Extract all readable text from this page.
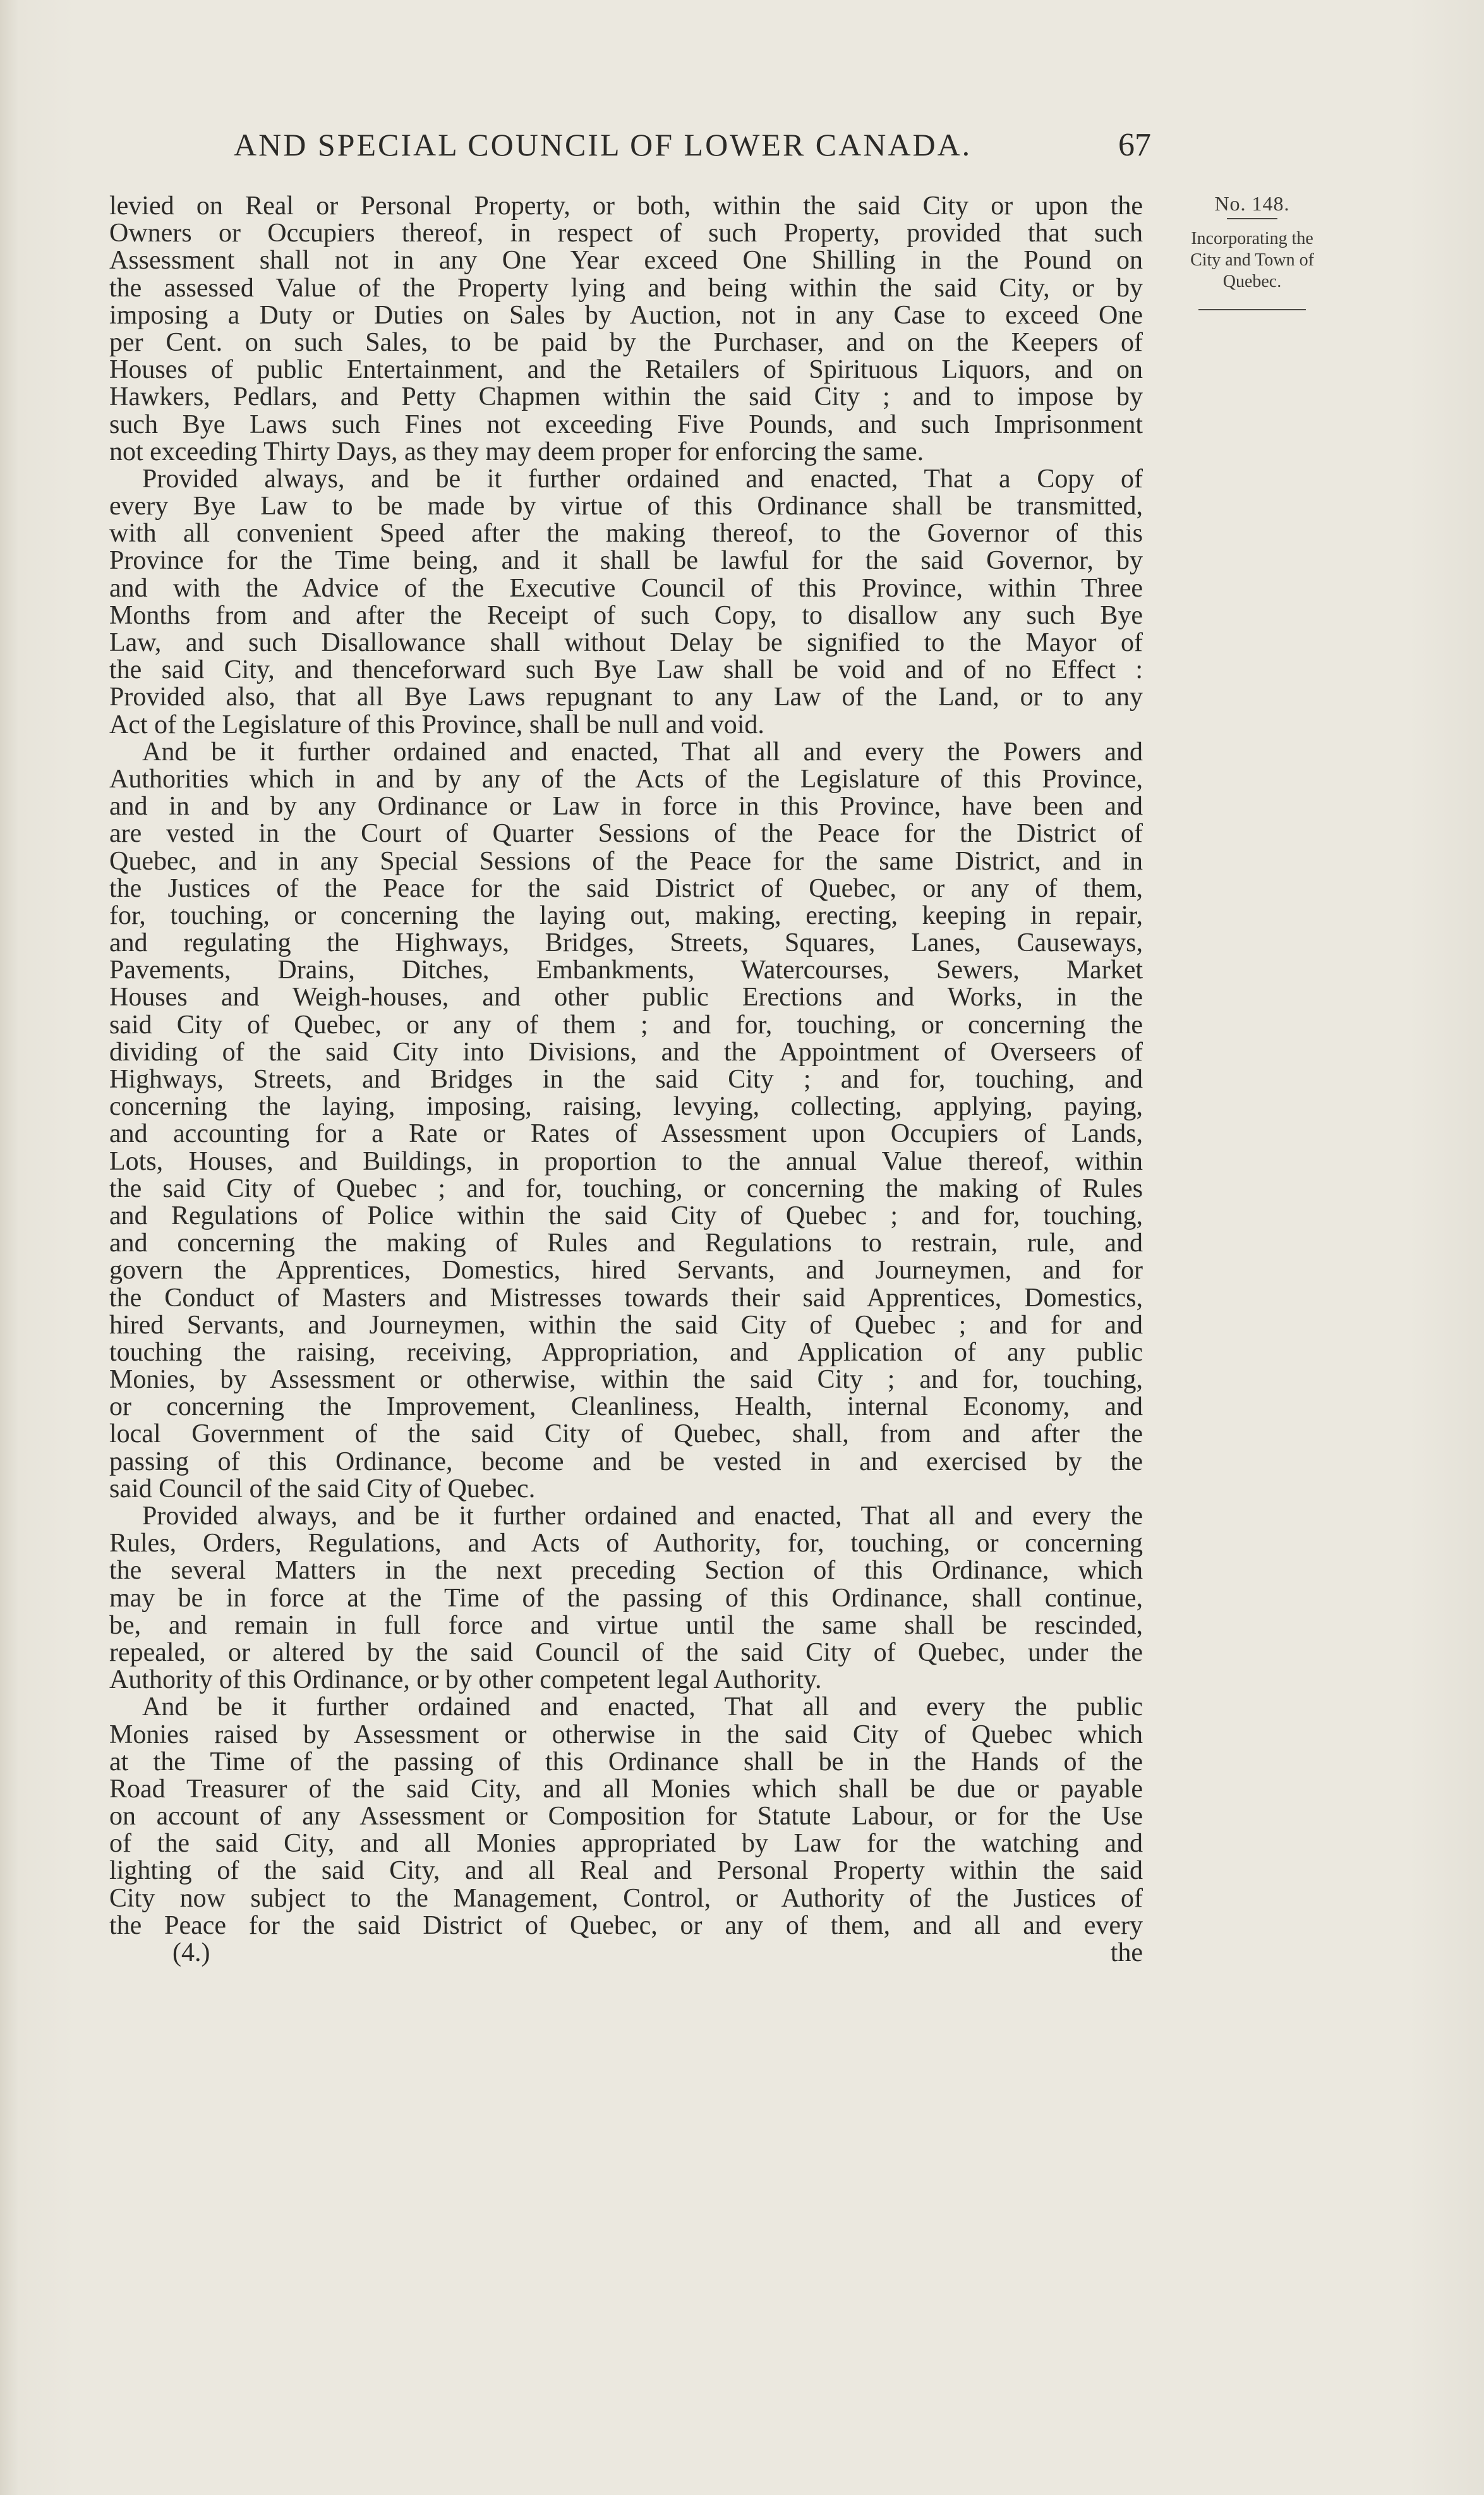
AND SPECIAL COUNCIL OF LOWER CANADA.	67
No. 148.
Incorporating the
City and Town of
Quebec.
levied on Real or Personal Property, or both, within the said City or upon the
Owners or Occupiers thereof, in respect of such Property, provided that such
Assessment shall not in any One Year exceed One Shilling in the Pound on
the assessed Value of the Property lying and being within the said City, or by
imposing a Duty or Duties on Sales by Auction, not in any Case to exceed One
per Cent. on such Sales, to be paid by the Purchaser, and on the Keepers of
Houses of public Entertainment, and the Retailers of Spirituous Liquors, and on
Hawkers, Pedlars, and Petty Chapmen within the said City ; and to impose by
such Bye Laws such Fines not exceeding Five Pounds, and such Imprisonment
not exceeding Thirty Days, as they may deem proper for enforcing the same.
Provided always, and be it further ordained and enacted, That a Copy of
every Bye Law to be made by virtue of this Ordinance shall be transmitted,
with all convenient Speed after the making thereof, to the Governor of this
Province for the Time being, and it shall be lawful for the said Governor, by
and with the Advice of the Executive Council of this Province, within Three
Months from and after the Receipt of such Copy, to disallow any such Bye
Law, and such Disallowance shall without Delay be signified to the Mayor of
the said City, and thenceforward such Bye Law shall be void and of no Effect :
Provided also, that all Bye Laws repugnant to any Law of the Land, or to any
Act of the Legislature of this Province, shall be null and void.
And be it further ordained and enacted, That all and every the Powers and
Authorities which in and by any of the Acts of the Legislature of this Province,
and in and by any Ordinance or Law in force in this Province, have been and
are vested in the Court of Quarter Sessions of the Peace for the District of
Quebec, and in any Special Sessions of the Peace for the same District, and in
the Justices of the Peace for the said District of Quebec, or any of them,
for, touching, or concerning the laying out, making, erecting, keeping in repair,
and regulating the Highways, Bridges, Streets, Squares, Lanes, Causeways,
Pavements, Drains, Ditches, Embankments, Watercourses, Sewers, Market
Houses and Weigh-houses, and other public Erections and Works, in the
said City of Quebec, or any of them ; and for, touching, or concerning the
dividing of the said City into Divisions, and the Appointment of Overseers of
Highways, Streets, and Bridges in the said City ; and for, touching, and
concerning the laying, imposing, raising, levying, collecting, applying, paying,
and accounting for a Rate or Rates of Assessment upon Occupiers of Lands,
Lots, Houses, and Buildings, in proportion to the annual Value thereof, within
the said City of Quebec ; and for, touching, or concerning the making of Rules
and Regulations of Police within the said City of Quebec ; and for, touching,
and concerning the making of Rules and Regulations to restrain, rule, and
govern the Apprentices, Domestics, hired Servants, and Journeymen, and for
the Conduct of Masters and Mistresses towards their said Apprentices, Domestics,
hired Servants, and Journeymen, within the said City of Quebec ; and for and
touching the raising, receiving, Appropriation, and Application of any public
Monies, by Assessment or otherwise, within the said City ; and for, touching,
or concerning the Improvement, Cleanliness, Health, internal Economy, and
local Government of the said City of Quebec, shall, from and after the
passing of this Ordinance, become and be vested in and exercised by the
said Council of the said City of Quebec.
Provided always, and be it further ordained and enacted, That all and every the
Rules, Orders, Regulations, and Acts of Authority, for, touching, or concerning
the several Matters in the next preceding Section of this Ordinance, which
may be in force at the Time of the passing of this Ordinance, shall continue,
be, and remain in full force and virtue until the same shall be rescinded,
repealed, or altered by the said Council of the said City of Quebec, under the
Authority of this Ordinance, or by other competent legal Authority.
And be it further ordained and enacted, That all and every the public
Monies raised by Assessment or otherwise in the said City of Quebec which
at the Time of the passing of this Ordinance shall be in the Hands of the
Road Treasurer of the said City, and all Monies which shall be due or payable
on account of any Assessment or Composition for Statute Labour, or for the Use
of the said City, and all Monies appropriated by Law for the watching and
lighting of the said City, and all Real and Personal Property within the said
City now subject to the Management, Control, or Authority of the Justices of
the Peace for the said District of Quebec, or any of them, and all and every
(4.)	the
